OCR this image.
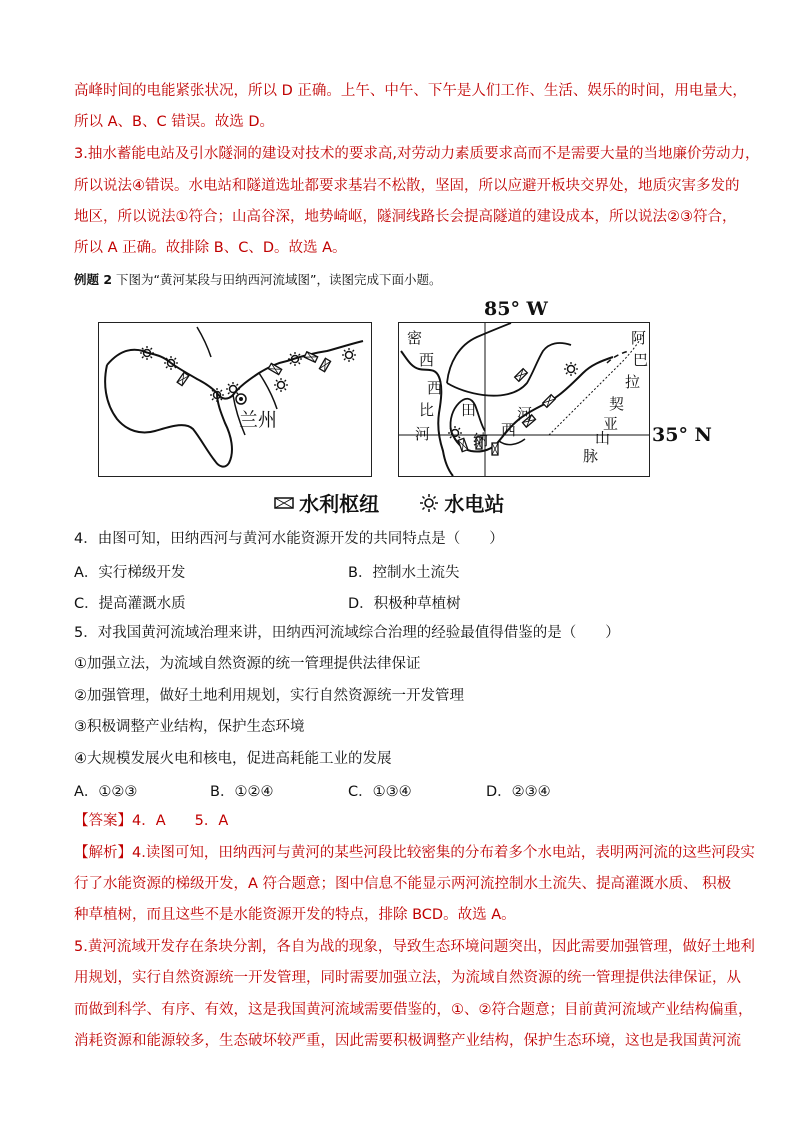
高峰时间的电能紧张状况，所以 D 正确。上午、中午、下午是人们工作、生活、娱乐的时间，用电量大，
所以 A、B、C 错误。故选 D。
3.抽水蓄能电站及引水隧洞的建设对技术的要求高,对劳动力素质要求高而不是需要大量的当地廉价劳动力，
所以说法④错误。水电站和隧道选址都要求基岩不松散，坚固，所以应避开板块交界处，地质灾害多发的
地区，所以说法①符合；山高谷深，地势崎岖，隧洞线路长会提高隧道的建设成本，所以说法②③符合，
所以 A 正确。故排除 B、C、D。故选 A。
例题 2 下图为“黄河某段与田纳西河流域图”，读图完成下面小题。
85° W
兰州
密
西
西
比
河
田
纳
西
河
阿
巴
拉
契
亚
山
脉
35° N
水利枢纽	水电站
4．由图可知，田纳西河与黄河水能资源开发的共同特点是（　　）
A．实行梯级开发	B．控制水土流失
C．提高灌溉水质	D．积极种草植树
5．对我国黄河流域治理来讲，田纳西河流域综合治理的经验最值得借鉴的是（　　）
①加强立法，为流域自然资源的统一管理提供法律保证
②加强管理，做好土地利用规划，实行自然资源统一开发管理
③积极调整产业结构，保护生态环境
④大规模发展火电和核电，促进高耗能工业的发展
A．①②③	B．①②④	C．①③④	D．②③④
【答案】4．A　　5．A
【解析】4.读图可知，田纳西河与黄河的某些河段比较密集的分布着多个水电站，表明两河流的这些河段实
行了水能资源的梯级开发，A 符合题意；图中信息不能显示两河流控制水土流失、提高灌溉水质、 积极
种草植树，而且这些不是水能资源开发的特点，排除 BCD。故选 A。
5.黄河流域开发存在条块分割，各自为战的现象，导致生态环境问题突出，因此需要加强管理，做好土地利
用规划，实行自然资源统一开发管理，同时需要加强立法，为流域自然资源的统一管理提供法律保证，从
而做到科学、有序、有效，这是我国黄河流域需要借鉴的，①、②符合题意；目前黄河流域产业结构偏重，
消耗资源和能源较多，生态破坏较严重，因此需要积极调整产业结构，保护生态环境，这也是我国黄河流
